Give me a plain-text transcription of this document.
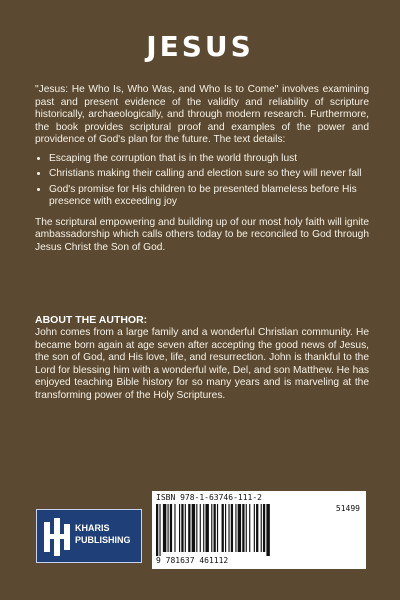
JESUS

"Jesus: He Who Is, Who Was, and Who Is to Come" involves examining past and present evidence of the validity and reliability of scripture historically, archaeologically, and through modern research. Furthermore, the book provides scriptural proof and examples of the power and providence of God's plan for the future. The text details:

• Escaping the corruption that is in the world through lust
• Christians making their calling and election sure so they will never fall
• God's promise for His children to be presented blameless before His presence with exceeding joy

The scriptural empowering and building up of our most holy faith will ignite ambassadorship which calls others today to be reconciled to God through Jesus Christ the Son of God.

ABOUT THE AUTHOR:
John comes from a large family and a wonderful Christian community. He became born again at age seven after accepting the good news of Jesus, the son of God, and His love, life, and resurrection. John is thankful to the Lord for blessing him with a wonderful wife, Del, and son Matthew. He has enjoyed teaching Bible history for so many years and is marveling at the transforming power of the Holy Scriptures.
KHARIS
PUBLISHING
ISBN 978-1-63746-111-2
51499
9 781637 461112
